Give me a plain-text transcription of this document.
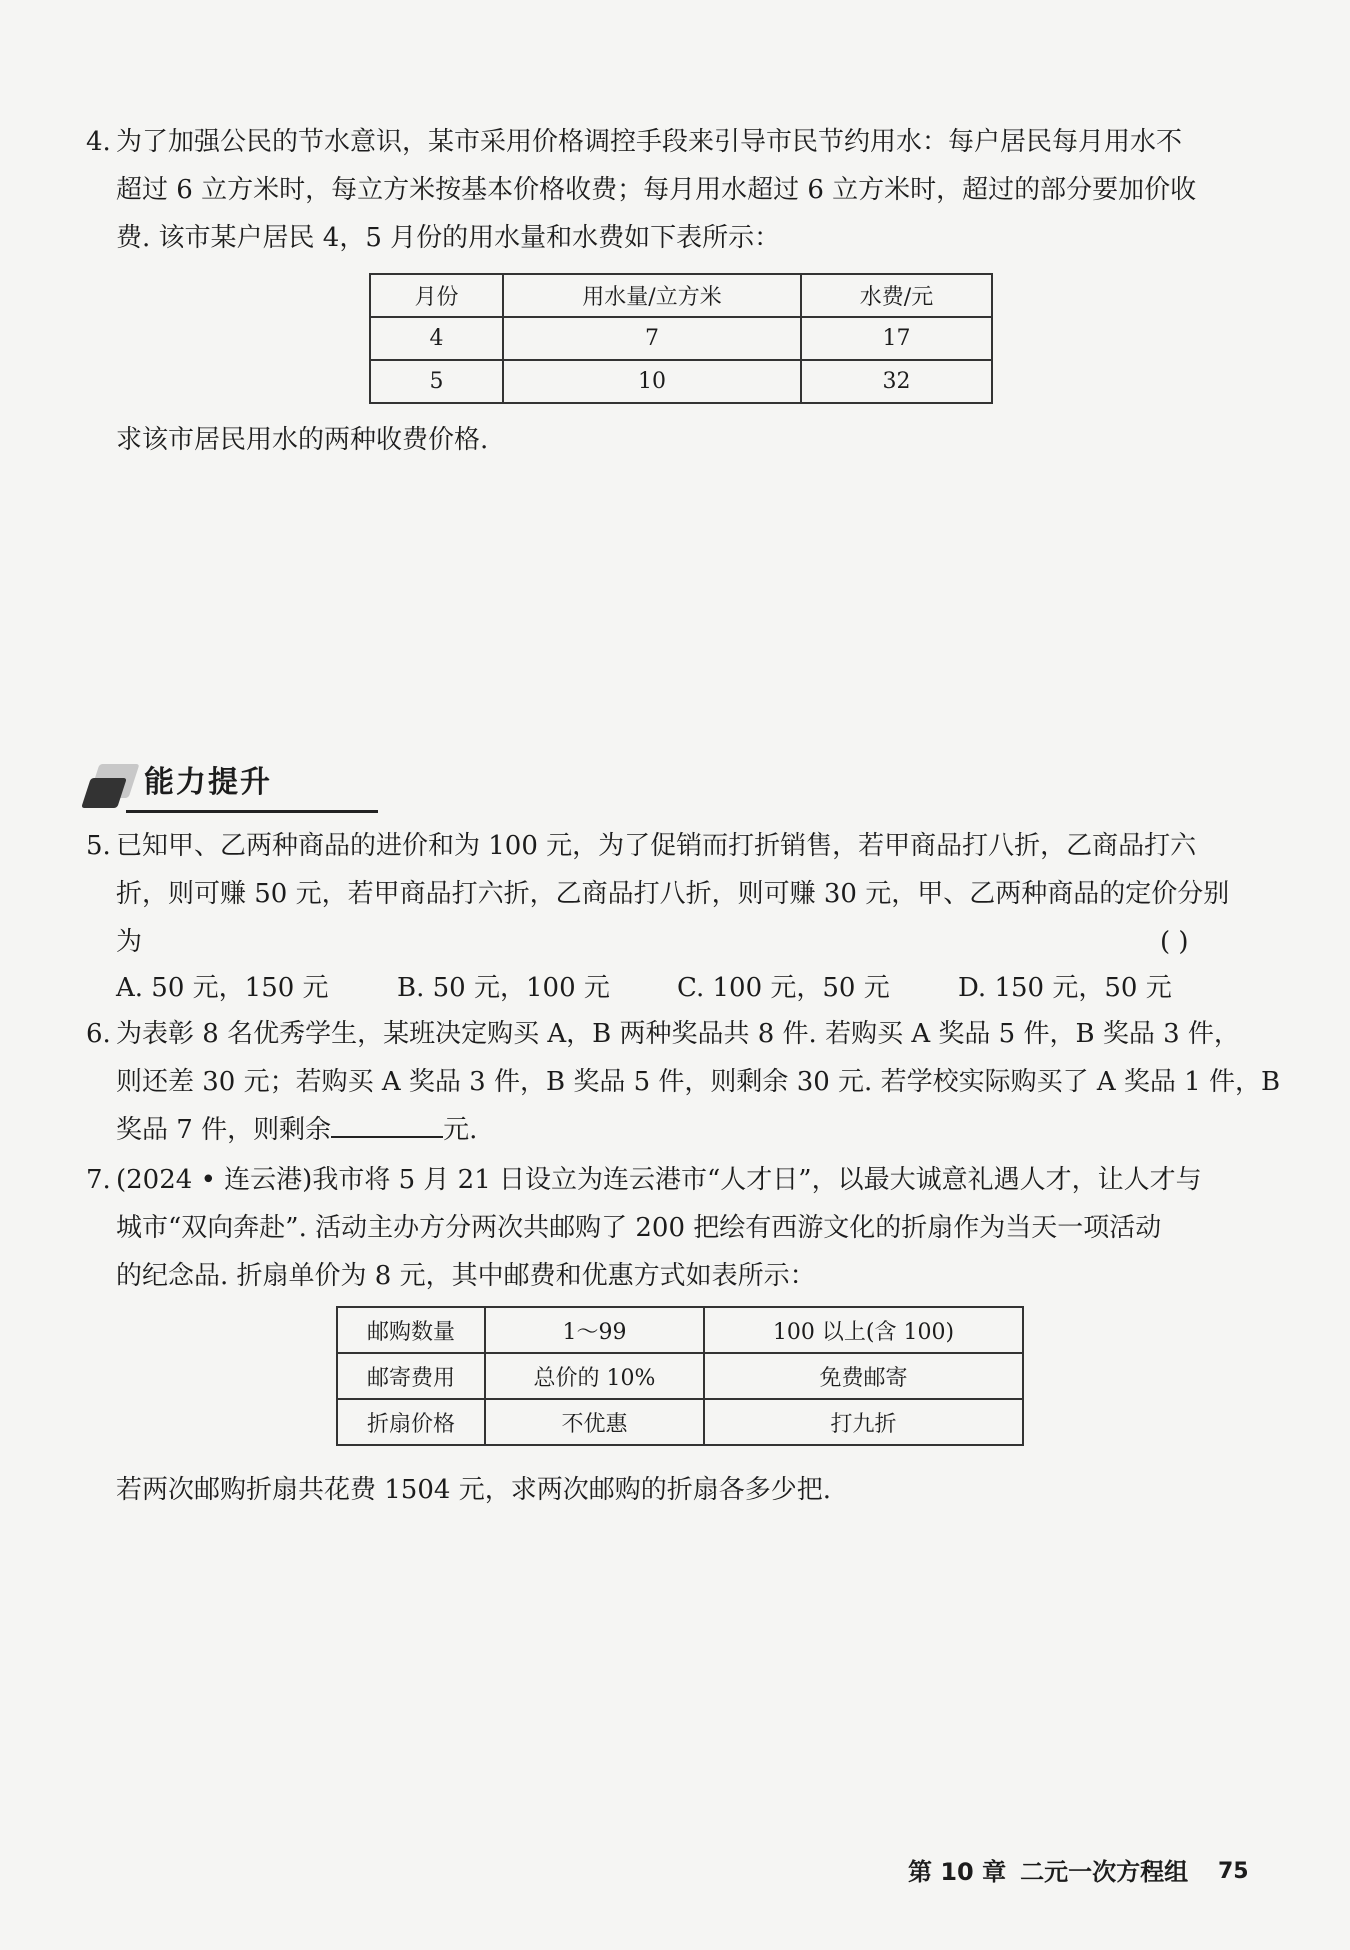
4. 为了加强公民的节水意识，某市采用价格调控手段来引导市民节约用水：每户居民每月用水不
超过 6 立方米时，每立方米按基本价格收费；每月用水超过 6 立方米时，超过的部分要加价收
费. 该市某户居民 4，5 月份的用水量和水费如下表所示：
月份	用水量/立方米	水费/元
4	7	17
5	10	32
求该市居民用水的两种收费价格.
能力提升
5. 已知甲、乙两种商品的进价和为 100 元，为了促销而打折销售，若甲商品打八折，乙商品打六
折，则可赚 50 元，若甲商品打六折，乙商品打八折，则可赚 30 元，甲、乙两种商品的定价分别
为	( )
A. 50 元，150 元	B. 50 元，100 元	C. 100 元，50 元	D. 150 元，50 元
6. 为表彰 8 名优秀学生，某班决定购买 A，B 两种奖品共 8 件. 若购买 A 奖品 5 件，B 奖品 3 件，
则还差 30 元；若购买 A 奖品 3 件，B 奖品 5 件，则剩余 30 元. 若学校实际购买了 A 奖品 1 件，B
奖品 7 件，则剩余	元.
7. (2024 • 连云港)我市将 5 月 21 日设立为连云港市“人才日”，以最大诚意礼遇人才，让人才与
城市“双向奔赴”. 活动主办方分两次共邮购了 200 把绘有西游文化的折扇作为当天一项活动
的纪念品. 折扇单价为 8 元，其中邮费和优惠方式如表所示：
邮购数量	1～99	100 以上(含 100)
邮寄费用	总价的 10%	免费邮寄
折扇价格	不优惠	打九折
若两次邮购折扇共花费 1504 元，求两次邮购的折扇各多少把.
第 10 章 二元一次方程组	75
